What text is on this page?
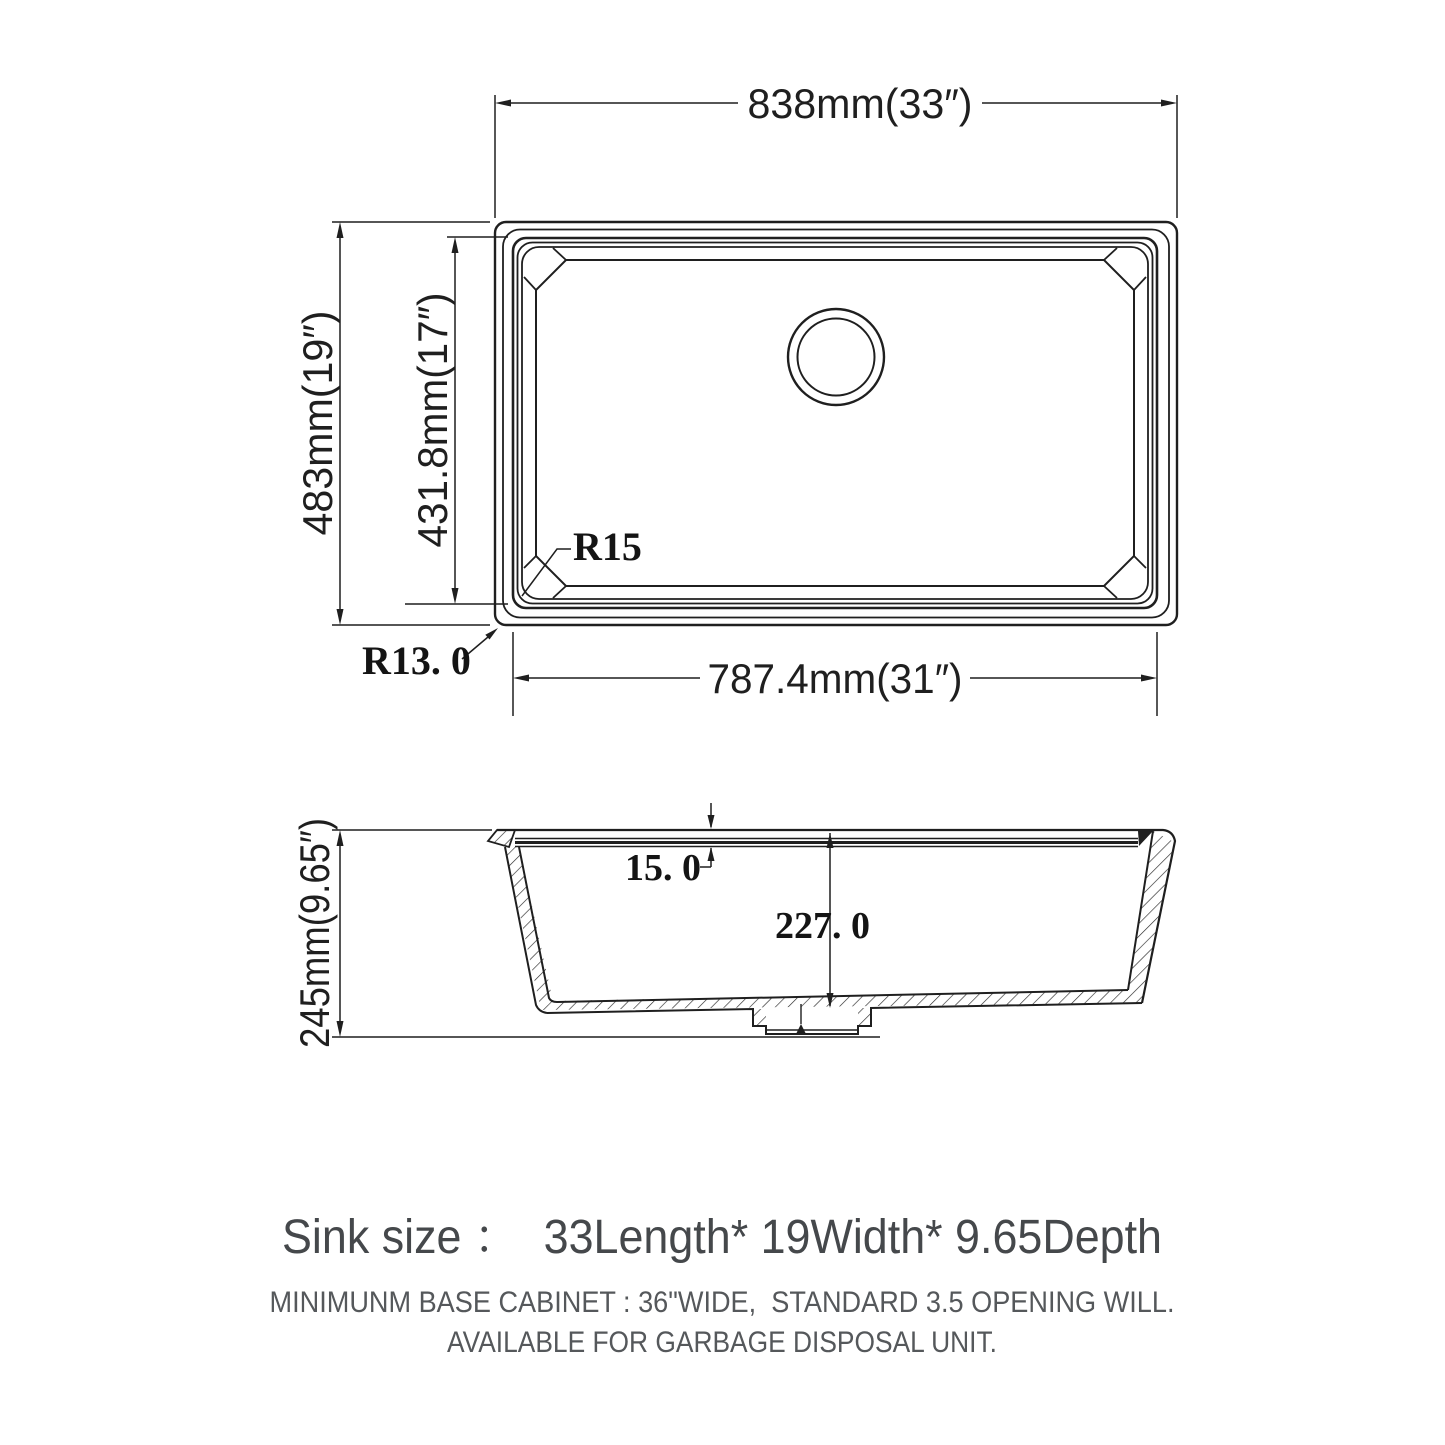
838mm(33″)
483mm(19″) 431.8mm(17″)
787.4mm(31″)
R15
R13. 0
245mm(9.65″)	15. 0
227. 0
Sink size ：  33Length* 19Width* 9.65Depth
MINIMUNM BASE CABINET : 36"WIDE,  STANDARD 3.5 OPENING WILL.
AVAILABLE FOR GARBAGE DISPOSAL UNIT.
